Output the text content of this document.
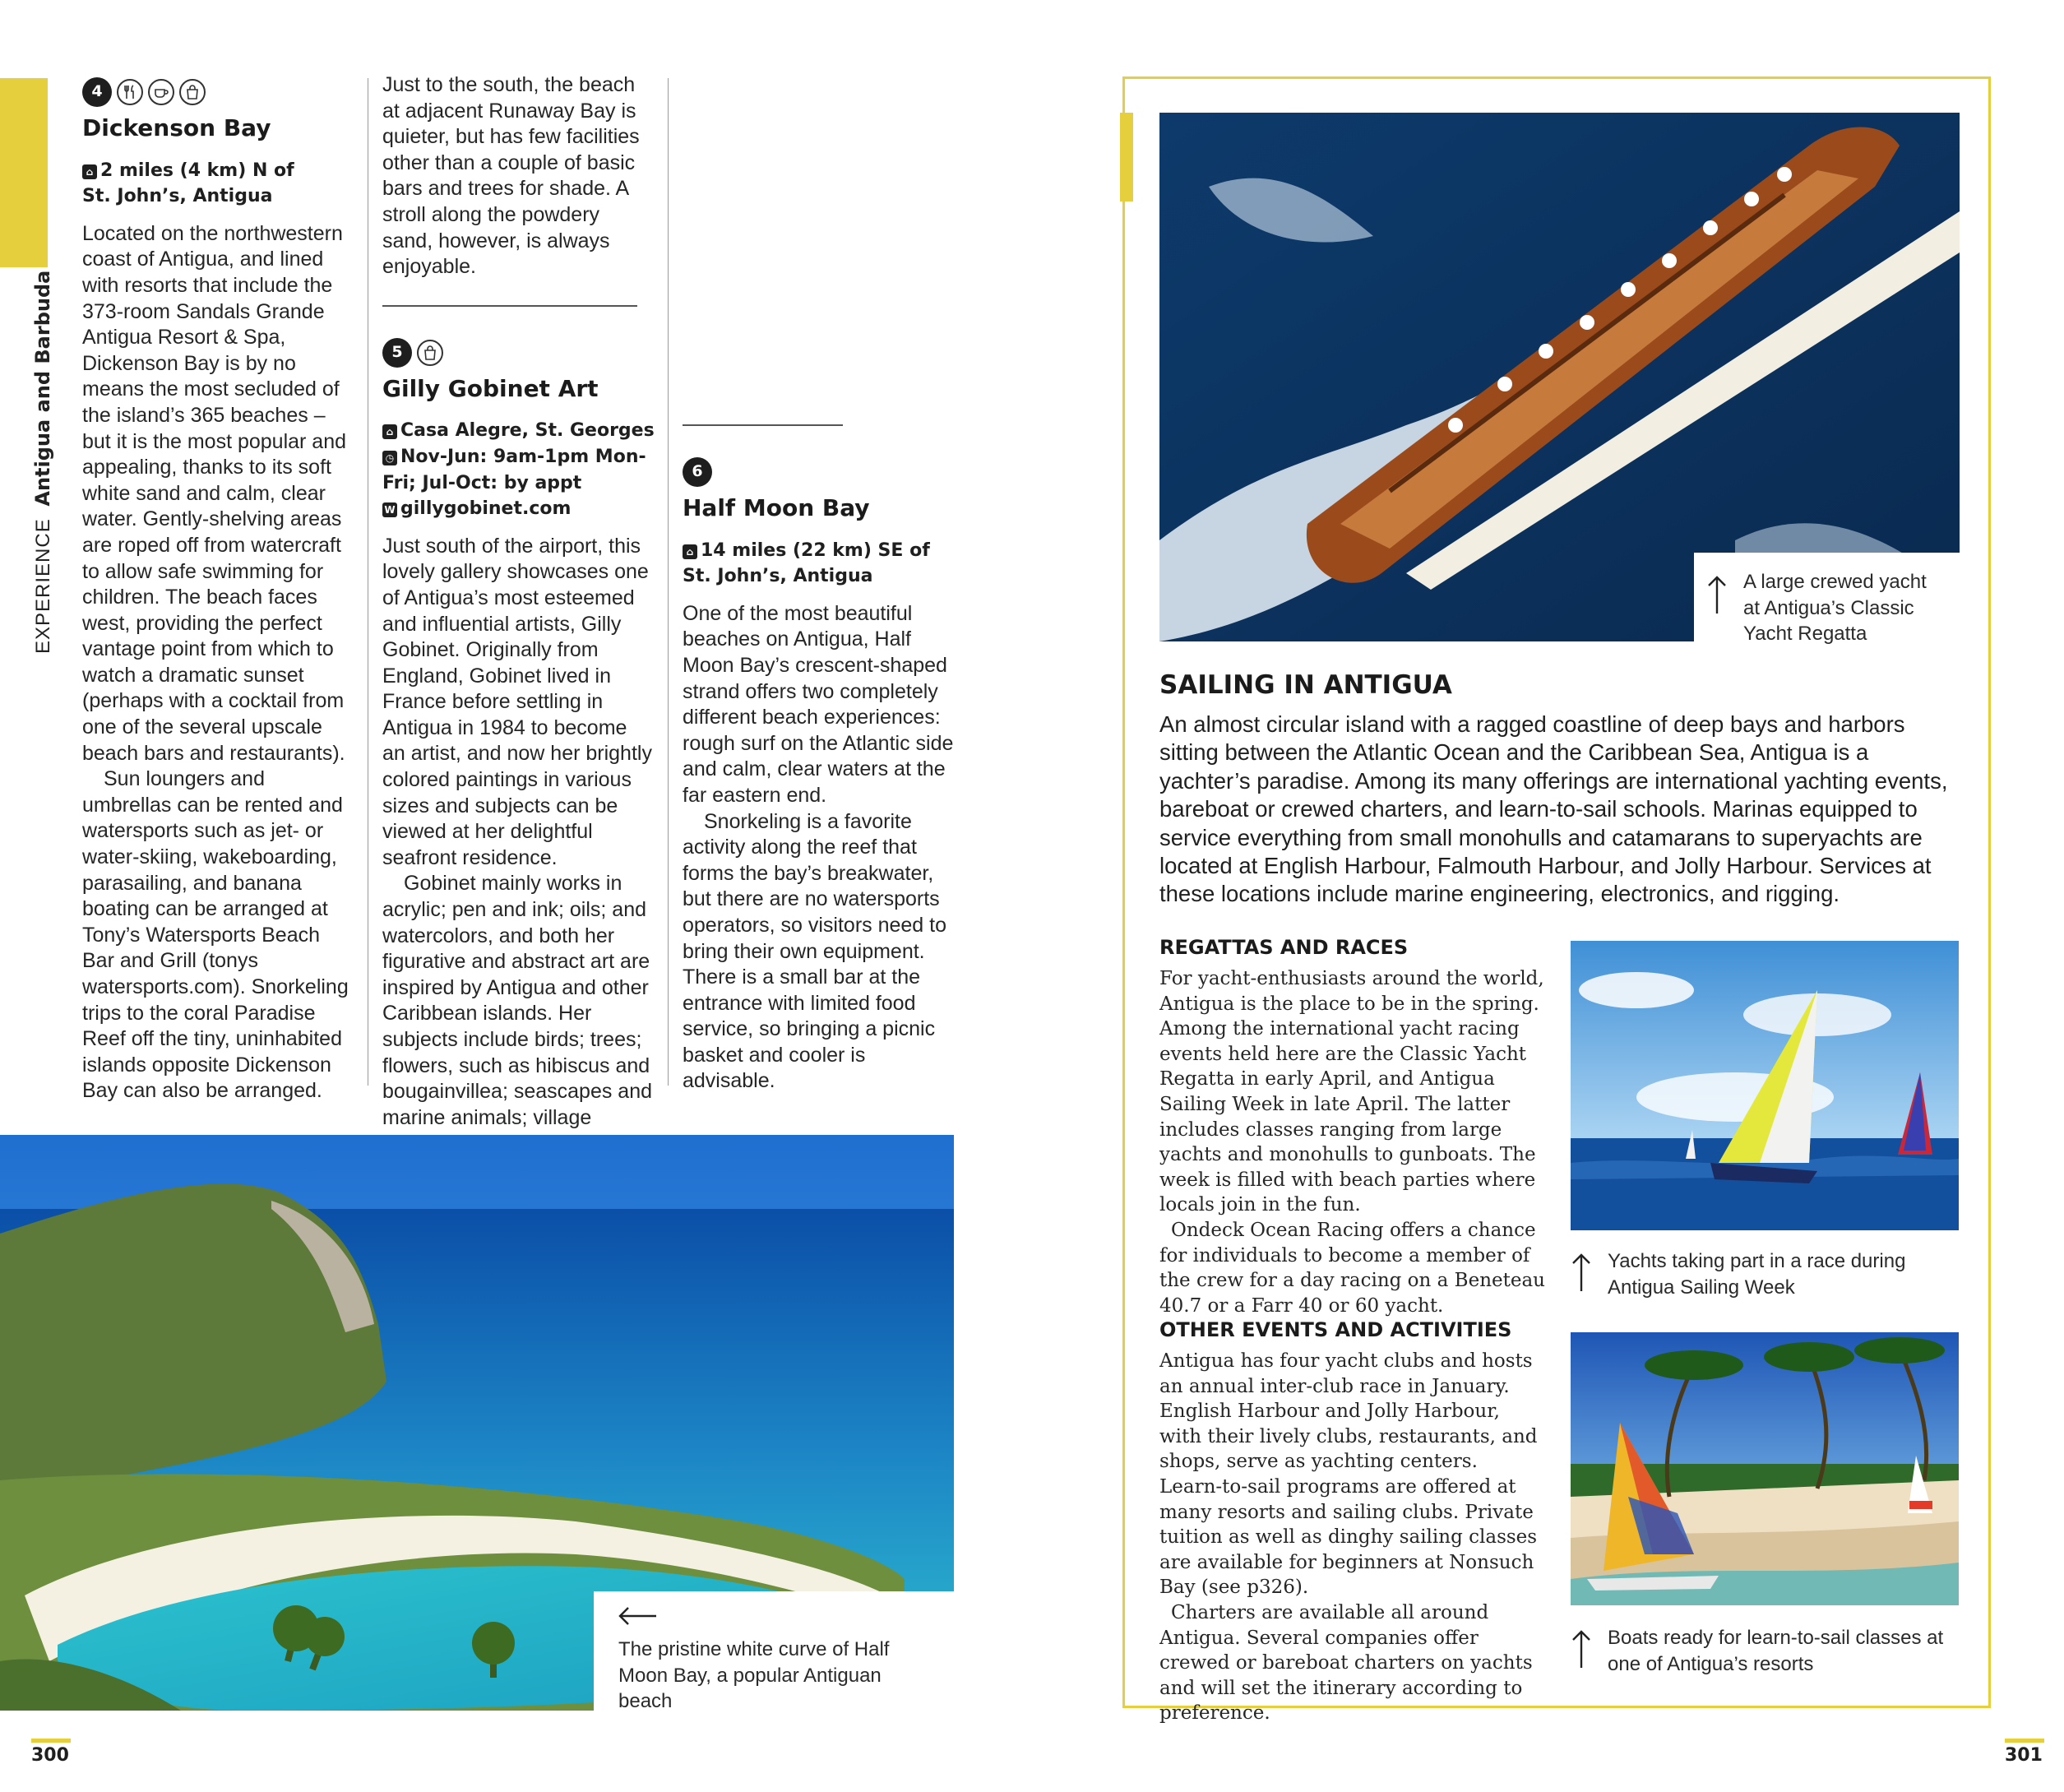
EXPERIENCE Antigua and Barbuda
4
Dickenson Bay
⌂ 2 miles (4 km) N of
St. John’s, Antigua

Located on the northwestern coast of Antigua, and lined with resorts that include the 373-room Sandals Grande Antigua Resort & Spa, Dickenson Bay is by no means the most secluded of the island’s 365 beaches – but it is the most popular and appealing, thanks to its soft white sand and calm, clear water. Gently-shelving areas are roped off from watercraft to allow safe swimming for children. The beach faces west, providing the perfect vantage point from which to watch a dramatic sunset (perhaps with a cocktail from one of the several upscale beach bars and restaurants).

Sun loungers and umbrellas can be rented and watersports such as jet- or water-skiing, wakeboarding, parasailing, and banana boating can be arranged at Tony’s Watersports Beach Bar and Grill (tonys watersports.com). Snorkeling trips to the coral Paradise Reef off the tiny, uninhabited islands opposite Dickenson Bay can also be arranged.

Just to the south, the beach at adjacent Runaway Bay is quieter, but has few facilities other than a couple of basic bars and trees for shade. A stroll along the powdery sand, however, is always enjoyable.

5
Gilly Gobinet Art
⌂ Casa Alegre, St. Georges
◷ Nov-Jun: 9am-1pm Mon-
Fri; Jul-Oct: by appt
W gillygobinet.com

Just south of the airport, this lovely gallery showcases one of Antigua’s most esteemed and influential artists, Gilly Gobinet. Originally from England, Gobinet lived in France before settling in Antigua in 1984 to become an artist, and now her brightly colored paintings in various sizes and subjects can be viewed at her delightful seafront residence.

Gobinet mainly works in acrylic; pen and ink; oils; and watercolors, and both her figurative and abstract art are inspired by Antigua and other Caribbean islands. Her subjects include birds; trees; flowers, such as hibiscus and bougainvillea; seascapes and marine animals; village

6
Half Moon Bay
⌂ 14 miles (22 km) SE of
St. John’s, Antigua

One of the most beautiful beaches on Antigua, Half Moon Bay’s crescent-shaped strand offers two completely different beach experiences: rough surf on the Atlantic side and calm, clear waters at the far eastern end.

Snorkeling is a favorite activity along the reef that forms the bay’s breakwater, but there are no watersports operators, so visitors need to bring their own equipment. There is a small bar at the entrance with limited food service, so bringing a picnic basket and cooler is advisable.

The pristine white curve of Half Moon Bay, a popular Antiguan beach
300	301
A large crewed yacht at Antigua’s Classic Yacht Regatta
SAILING IN ANTIGUA
An almost circular island with a ragged coastline of deep bays and harbors sitting between the Atlantic Ocean and the Caribbean Sea, Antigua is a yachter’s paradise. Among its many offerings are international yachting events, bareboat or crewed charters, and learn-to-sail schools. Marinas equipped to service everything from small monohulls and catamarans to superyachts are located at English Harbour, Falmouth Harbour, and Jolly Harbour. Services at these locations include marine engineering, electronics, and rigging.
REGATTAS AND RACES

For yacht-enthusiasts around the world, Antigua is the place to be in the spring. Among the international yacht racing events held here are the Classic Yacht Regatta in early April, and Antigua Sailing Week in late April. The latter includes classes ranging from large yachts and monohulls to gunboats. The week is filled with beach parties where locals join in the fun.

Ondeck Ocean Racing offers a chance for individuals to become a member of the crew for a day racing on a Beneteau 40.7 or a Farr 40 or 60 yacht.

OTHER EVENTS AND ACTIVITIES

Antigua has four yacht clubs and hosts an annual inter-club race in January. English Harbour and Jolly Harbour, with their lively clubs, restaurants, and shops, serve as yachting centers. Learn-to-sail programs are offered at many resorts and sailing clubs. Private tuition as well as dinghy sailing classes are available for beginners at Nonsuch Bay (see p326).

Charters are available all around Antigua. Several companies offer crewed or bareboat charters on yachts and will set the itinerary according to preference.

Yachts taking part in a race during Antigua Sailing Week
Boats ready for learn-to-sail classes at one of Antigua’s resorts
